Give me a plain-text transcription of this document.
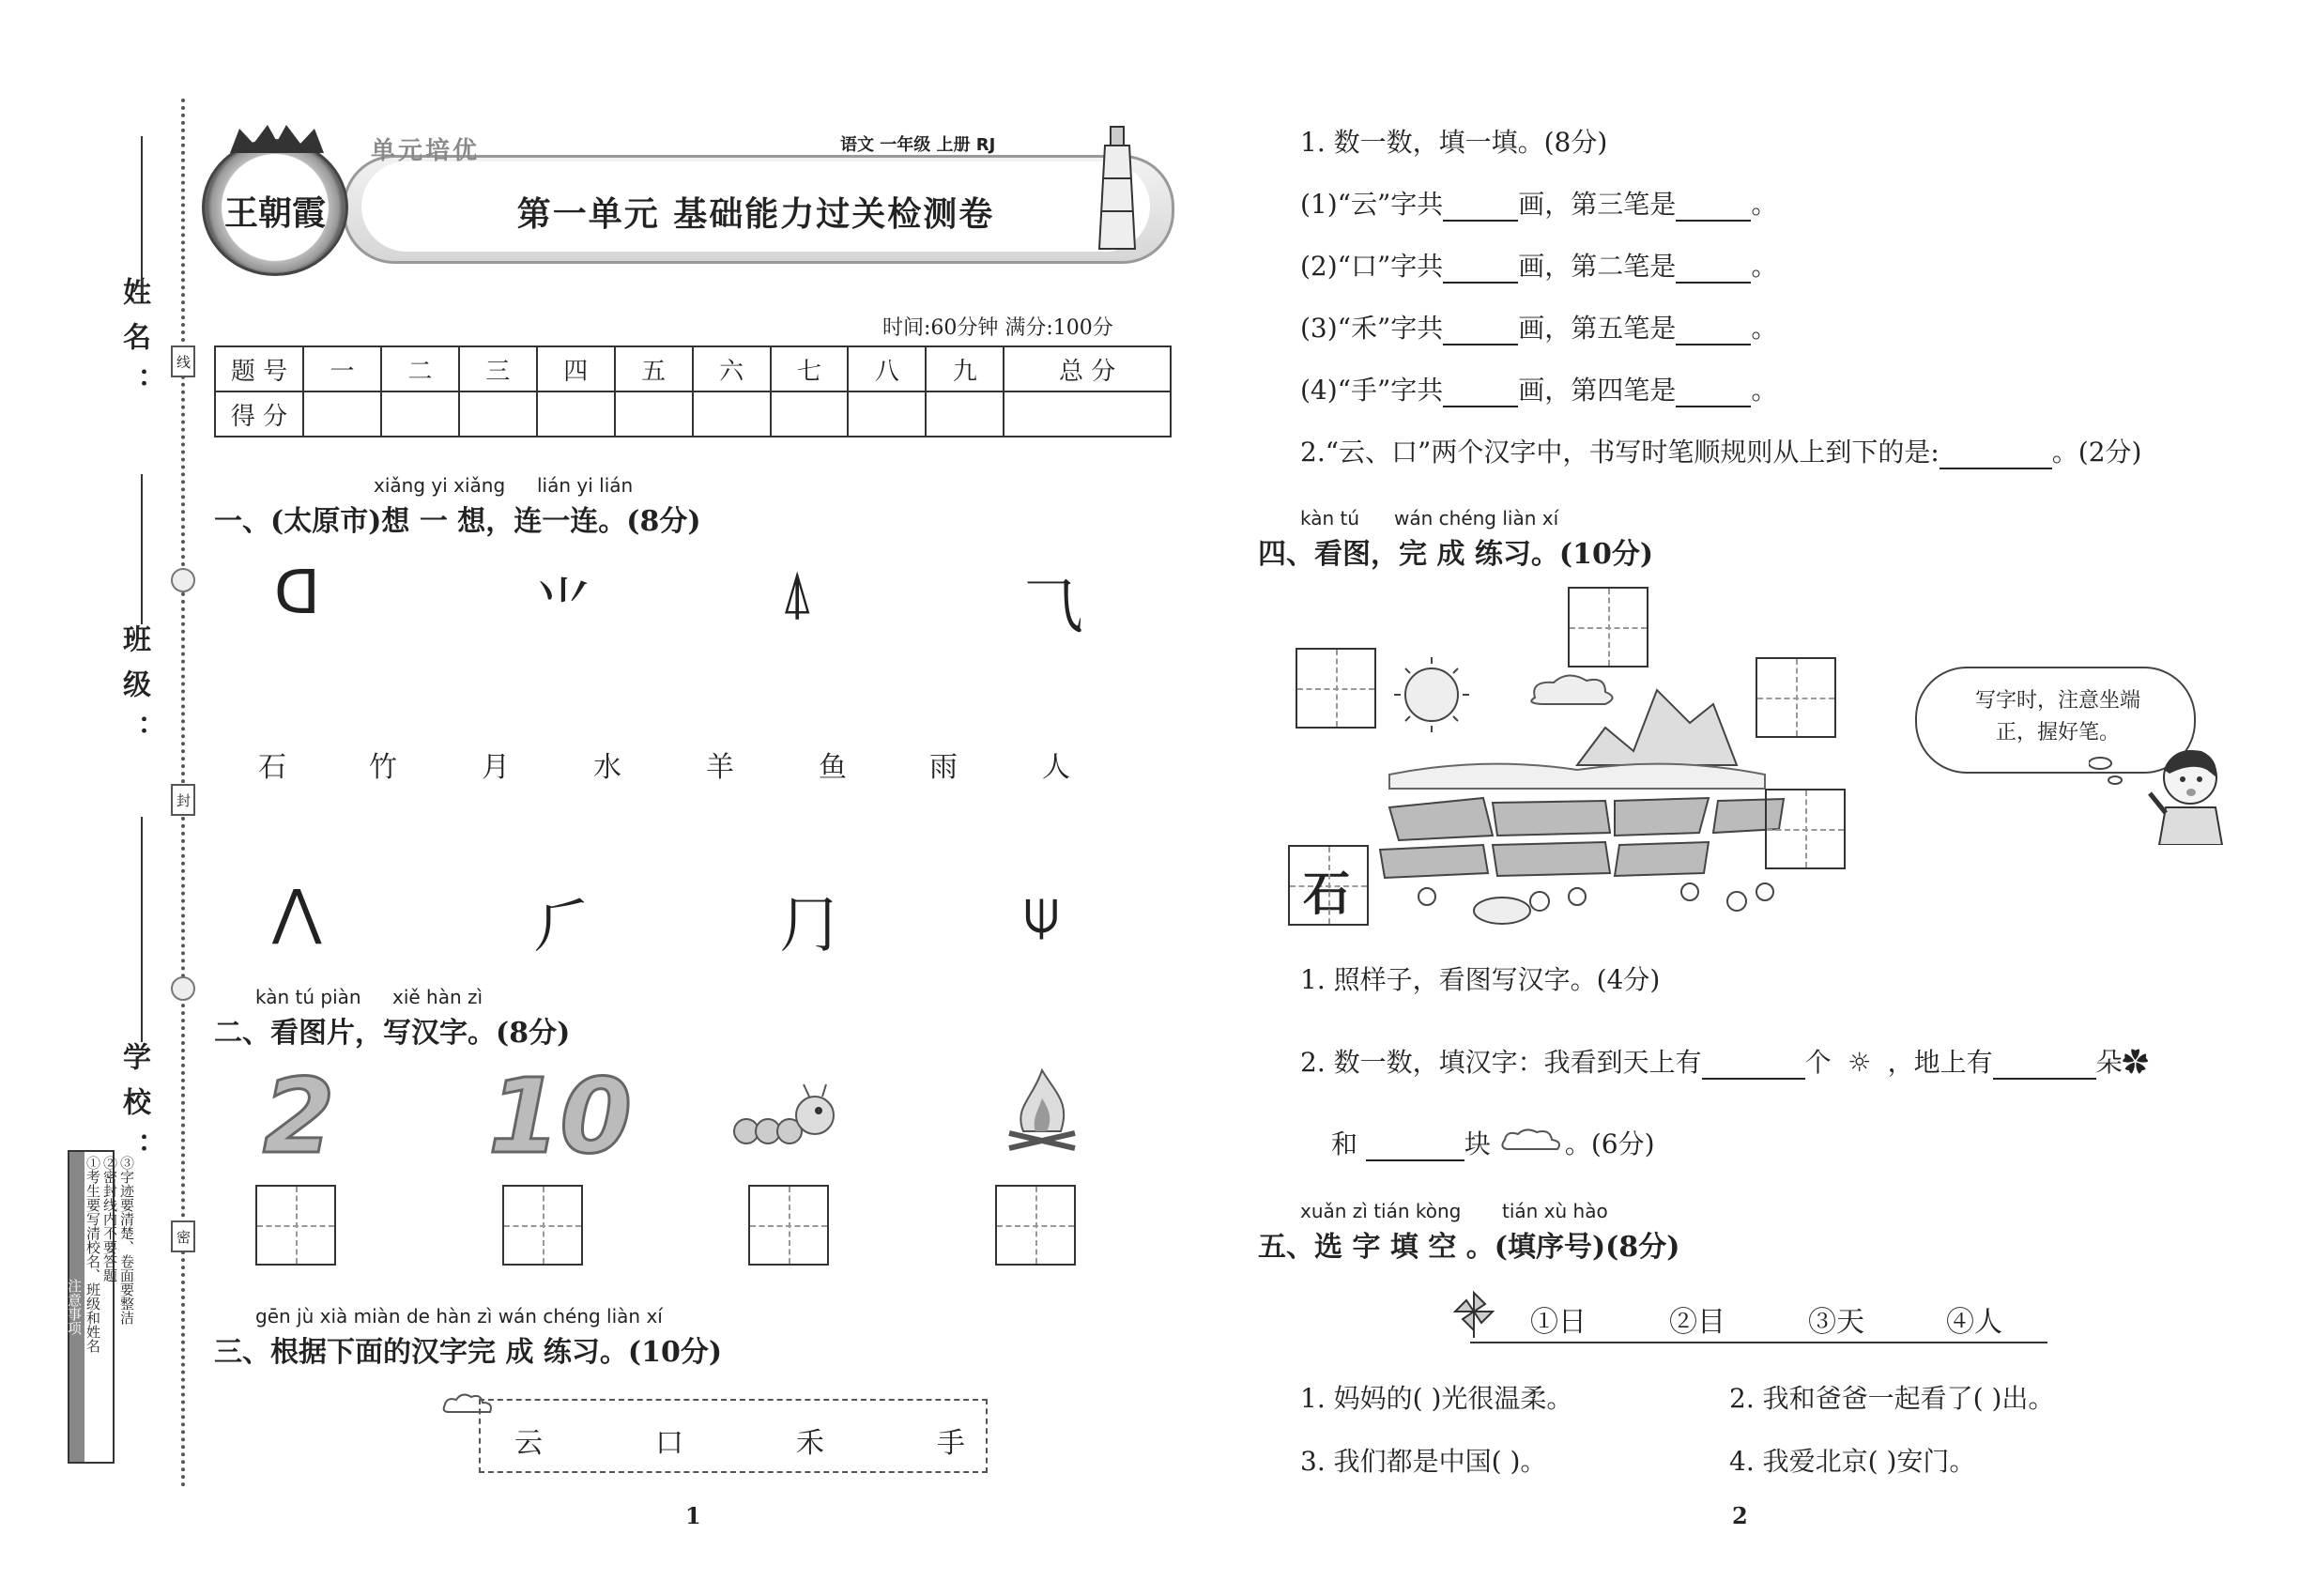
姓名：
班级：
学校：
线
封
密
注意事项 ①考生要写清校名、班级和姓名 ②密封线内不要答题 ③字迹要清楚、卷面要整洁
单元培优	语文 一年级 上册 RJ
第一单元 基础能力过关检测卷
王朝霞
时间:60分钟 满分:100分
题 号	一	二	三	四	五	六	七	八	九	总 分
得 分										
xiǎng yi xiǎng lián yi lián
一、(太原市)想 一 想，连一连。(8分)
ᗡ	⺌	⍋	⺄
石	竹	月	水	羊	鱼	雨	人
⋀	⺁	⺆	⍦
kàn tú piàn xiě hàn zì
二、看图片，写汉字。(8分)
2 10
gēn jù xià miàn de hàn zì wán chéng liàn xí
三、根据下面的汉字完 成 练习。(10分)
云	口	禾	手
1
1. 数一数，填一填。(8分)
(1)“云”字共	画，第三笔是	。
(2)“口”字共	画，第二笔是	。
(3)“禾”字共	画，第五笔是	。
(4)“手”字共	画，第四笔是	。
2.“云、口”两个汉字中，书写时笔顺规则从上到下的是:	。(2分)
kàn tú wán chéng liàn xí
四、看图，完 成 练习。(10分)
石
写字时，注意坐端正，握好笔。
1. 照样子，看图写汉字。(4分)
2. 数一数，填汉字：我看到天上有	个 ☼ ，地上有	朵✿
和	块	。(6分)
xuǎn zì tián kòng tián xù hào
五、选 字 填 空 。(填序号)(8分)
①日	②目	③天	④人
1. 妈妈的( )光很温柔。	2. 我和爸爸一起看了( )出。
3. 我们都是中国( )。	4. 我爱北京( )安门。
2
